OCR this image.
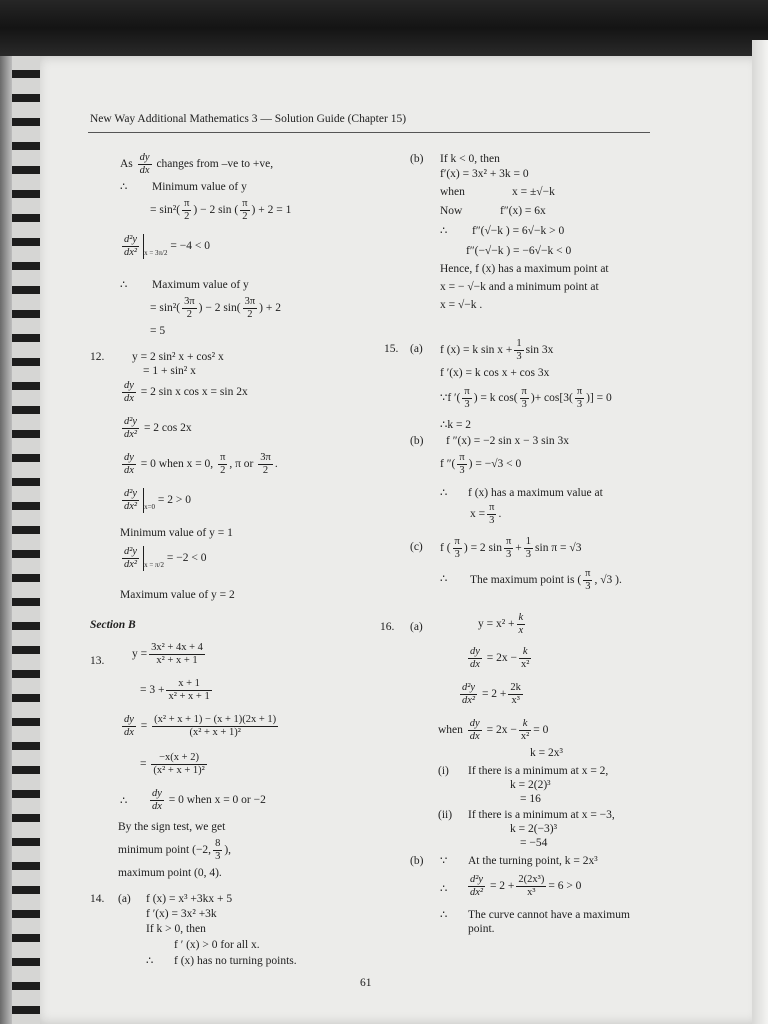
New Way Additional Mathematics 3 — Solution Guide (Chapter 15)
As $\frac{dy}{dx}$ changes from –ve to +ve,
∴ Minimum value of y
= $\sin^2( \frac{\pi}{2}$ ) − 2 sin ( $\frac{\pi}{2}$ ) + 2 = 1
$\frac{\text{d²y}}{\text{dx²}} _{x = 3\pi/2} = -4 < 0$
∴ Maximum value of y
= $\sin^2( \frac{3\pi}{2}$ ) − 2 $\sin( \frac{3\pi}{2}$ ) + 2
= 5
(b) If k < 0, then
f′(x) = 3x² + 3k = 0
when	x = ±√−k
Now	f″(x) = 6x
∴ f″(√−k ) = 6√−k > 0
f″(−√−k ) = −6√−k < 0
Hence, f (x) has a maximum point at
x = − √−k and a minimum point at
x = √−k .
12. y = 2 sin² x + cos² x
= 1 + sin² x
$\frac{dy}{dx} = 2$ sin x cos x = sin 2x
$\frac{\text{d²y}}{\text{dx²}} = 2$ cos 2x
$\frac{dy}{dx} = 0$ when x = 0, $\frac{\pi}{2}$ , π or $\frac{3\pi}{2}$ .
$\frac{\text{d²y}}{\text{dx²}} _{x=0} = 2 > 0$
Minimum value of y = 1
$\frac{\text{d²y}}{\text{dx²}} _{x = \pi/2} = -2 < 0$
Maximum value of y = 2
15. (a) f (x) = k $\sin x + \frac{1}{3}$ sin 3x
f ′(x) = k cos x + cos 3x
∵f ′( $\frac{\pi}{3}$ ) = k $\cos( \frac{\pi}{3}$ )+ $\cos[3( \frac{\pi}{3}$ )] = 0
∴k = 2
(b) f ″(x) = −2 sin x − 3 sin 3x
f ″( $\frac{\pi}{3}$ ) = −√3 < 0
∴ f (x) has a maximum value at
$x = \frac{\pi}{3}$ .
(c) f ( $\frac{\pi}{3}$ ) = 2 $\sin \frac{\pi}{3} + \frac{1}{3}$ sin π = √3
∴ The maximum point is ( $\frac{\pi}{3}$ , √3 ).
Section B
13.
$y = \frac{\text{3x² + 4x + 4}}{\text{x² + x + 1}}$
= $3 + \frac{x + 1}{\text{x² + x + 1}}$
$\frac{dy}{dx} = \frac{\text{(x² + x + 1) − (x + 1)(2x + 1)}}{\text{(x² + x + 1)²}}$
= $\frac{-x(x + 2)}{\text{(x² + x + 1)²}}$
∴ $\frac{dy}{dx} = 0$ when x = 0 or −2
By the sign test, we get
minimum point (−2, $\frac{8}{3}$ ),
maximum point (0, 4).
14. (a) f (x) = x³ +3kx + 5
f ′(x) = 3x² +3k
If k > 0, then
f ′ (x) > 0 for all x.
∴ f (x) has no turning points.
16. (a)	$y = x^2 + \frac{k}{x}$
$\frac{dy}{dx} = 2x - \frac{k}{\text{x²}}$
$\frac{\text{d²y}}{\text{dx²}} = 2 + \frac{2k}{\text{x³}}$
when $\frac{dy}{dx} = 2x - \frac{k}{\text{x²}} = 0$
k = 2x³
(i) If there is a minimum at x = 2,
k = 2(2)³
= 16
(ii) If there is a minimum at x = −3,
k = 2(−3)³
= −54
(b) ∵ At the turning point, k = 2x³
∴ $\frac{\text{d²y}}{\text{dx²}} = 2 + \frac{\text{2(2x³)}}{\text{x³}} = 6 > 0$
∴ The curve cannot have a maximum
point.
61
